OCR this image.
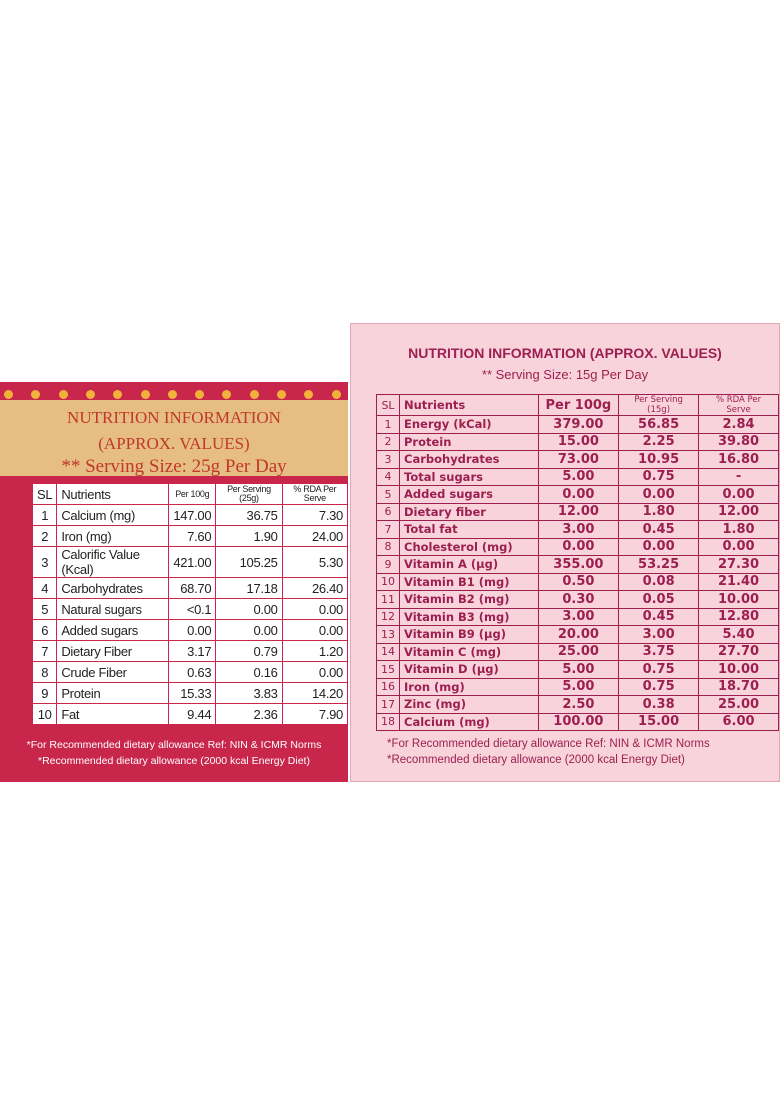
NUTRITION INFORMATION
(APPROX. VALUES)
** Serving Size: 25g Per Day
SL	Nutrients	Per 100g	Per Serving (25g)	% RDA Per Serve
1	Calcium (mg)	147.00	36.75	7.30
2	Iron (mg)	7.60	1.90	24.00
3	Calorific Value (Kcal)	421.00	105.25	5.30
4	Carbohydrates	68.70	17.18	26.40
5	Natural sugars	<0.1	0.00	0.00
6	Added sugars	0.00	0.00	0.00
7	Dietary Fiber	3.17	0.79	1.20
8	Crude Fiber	0.63	0.16	0.00
9	Protein	15.33	3.83	14.20
10	Fat	9.44	2.36	7.90
*For Recommended dietary allowance Ref: NIN & ICMR Norms
*Recommended dietary allowance (2000 kcal Energy Diet)
NUTRITION INFORMATION (APPROX. VALUES)
** Serving Size: 15g Per Day
SL	Nutrients	Per 100g	Per Serving (15g)	% RDA Per Serve
1	Energy (kCal)	379.00	56.85	2.84
2	Protein	15.00	2.25	39.80
3	Carbohydrates	73.00	10.95	16.80
4	Total sugars	5.00	0.75	-
5	Added sugars	0.00	0.00	0.00
6	Dietary fiber	12.00	1.80	12.00
7	Total fat	3.00	0.45	1.80
8	Cholesterol (mg)	0.00	0.00	0.00
9	Vitamin A (µg)	355.00	53.25	27.30
10	Vitamin B1 (mg)	0.50	0.08	21.40
11	Vitamin B2 (mg)	0.30	0.05	10.00
12	Vitamin B3 (mg)	3.00	0.45	12.80
13	Vitamin B9 (µg)	20.00	3.00	5.40
14	Vitamin C (mg)	25.00	3.75	27.70
15	Vitamin D (µg)	5.00	0.75	10.00
16	Iron (mg)	5.00	0.75	18.70
17	Zinc (mg)	2.50	0.38	25.00
18	Calcium (mg)	100.00	15.00	6.00
*For Recommended dietary allowance Ref: NIN & ICMR Norms
*Recommended dietary allowance (2000 kcal Energy Diet)
